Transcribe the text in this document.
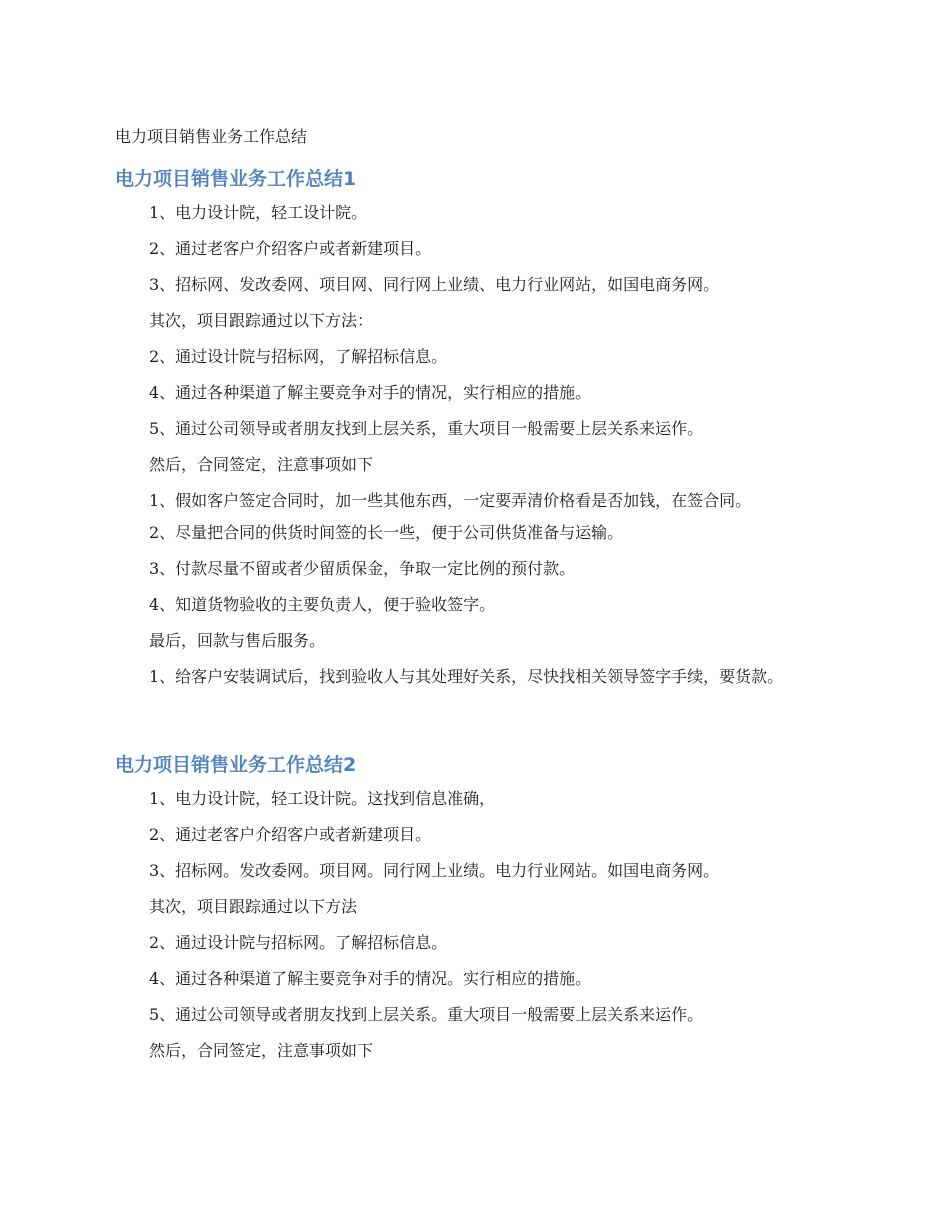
电力项目销售业务工作总结
电力项目销售业务工作总结1

1、电力设计院，轻工设计院。

2、通过老客户介绍客户或者新建项目。

3、招标网、发改委网、项目网、同行网上业绩、电力行业网站，如国电商务网。

其次，项目跟踪通过以下方法：

2、通过设计院与招标网，了解招标信息。

4、通过各种渠道了解主要竞争对手的情况，实行相应的措施。

5、通过公司领导或者朋友找到上层关系，重大项目一般需要上层关系来运作。

然后，合同签定，注意事项如下

1、假如客户签定合同时，加一些其他东西，一定要弄清价格看是否加钱，在签合同。

2、尽量把合同的供货时间签的长一些，便于公司供货准备与运输。

3、付款尽量不留或者少留质保金，争取一定比例的预付款。

4、知道货物验收的主要负责人，便于验收签字。

最后，回款与售后服务。

1、给客户安装调试后，找到验收人与其处理好关系，尽快找相关领导签字手续，要货款。

电力项目销售业务工作总结2

1、电力设计院，轻工设计院。这找到信息准确，

2、通过老客户介绍客户或者新建项目。

3、招标网。发改委网。项目网。同行网上业绩。电力行业网站。如国电商务网。

其次，项目跟踪通过以下方法

2、通过设计院与招标网。了解招标信息。

4、通过各种渠道了解主要竞争对手的情况。实行相应的措施。

5、通过公司领导或者朋友找到上层关系。重大项目一般需要上层关系来运作。

然后，合同签定，注意事项如下
